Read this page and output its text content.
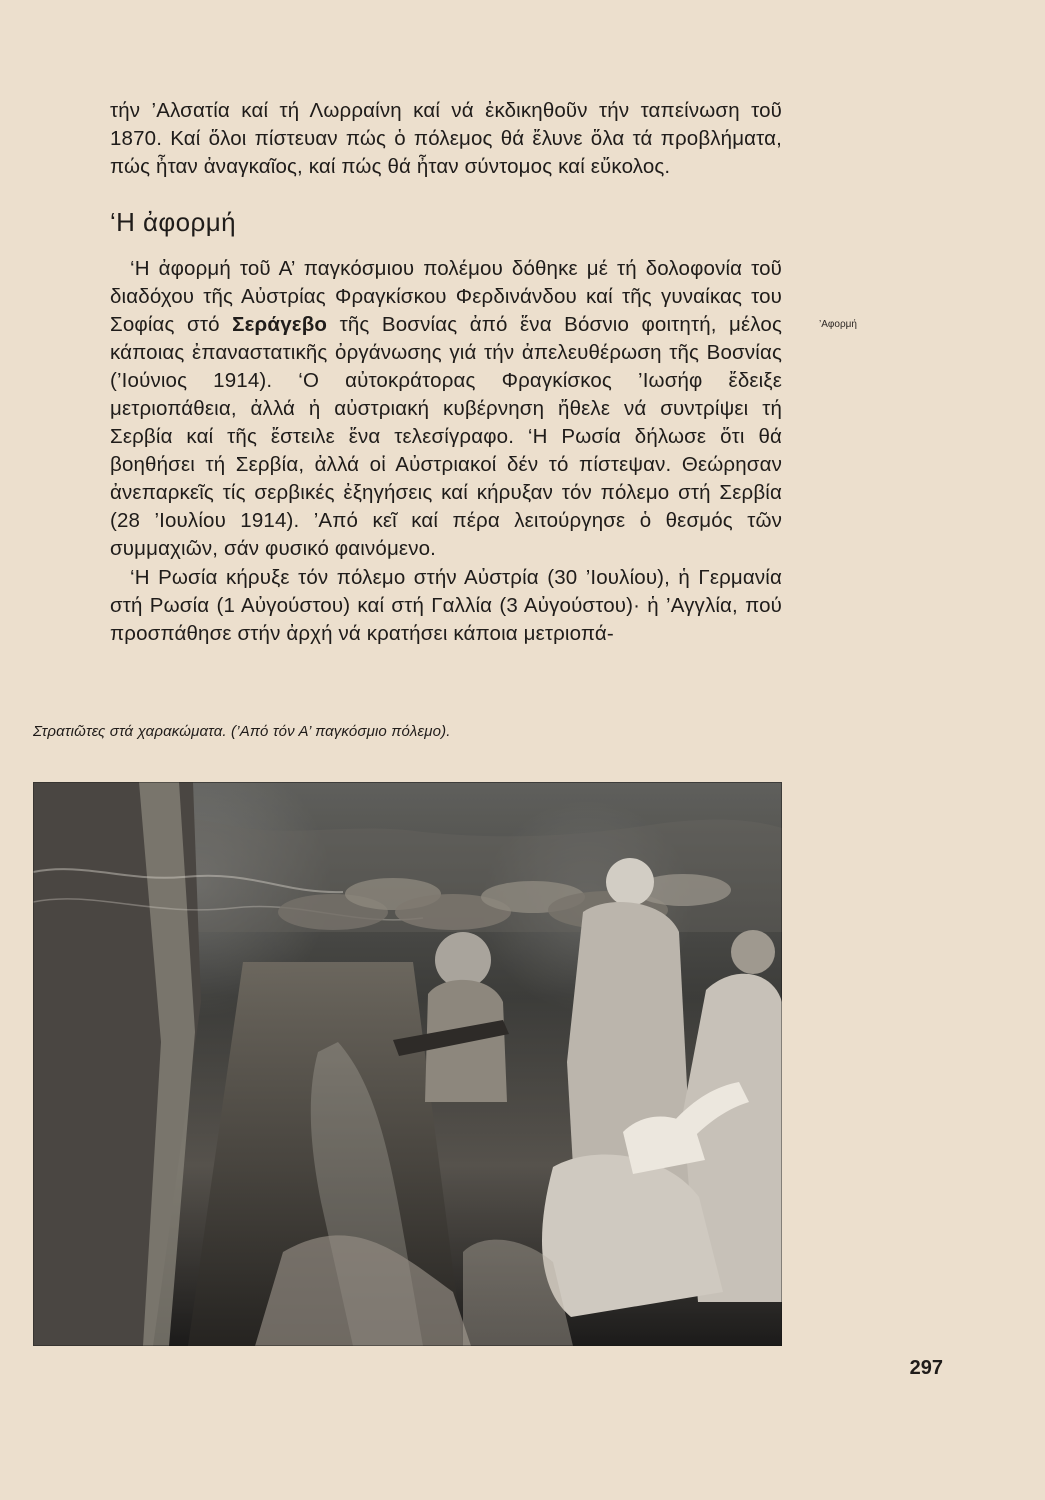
τήν ’Αλσατία καί τή Λωρραίνη καί νά ἐκδικηθοῦν τήν ταπείνωση τοῦ 1870. Καί ὅλοι πίστευαν πώς ὁ πόλεμος θά ἔλυνε ὅλα τά προβλήματα, πώς ἦταν ἀναγκαῖος, καί πώς θά ἦταν σύντομος καί εὔκολος.

‘Η ἀφορμή

‘Η ἀφορμή τοῦ Α’ παγκόσμιου πολέμου δόθηκε μέ τή δολοφονία τοῦ διαδόχου τῆς Αὐστρίας Φραγκίσκου Φερδινάνδου καί τῆς γυναίκας του Σοφίας στό Σεράγεβο τῆς Βοσνίας ἀπό ἕνα Βόσνιο φοιτητή, μέλος κάποιας ἐπαναστατικῆς ὀργάνωσης γιά τήν ἀπελευθέρωση τῆς Βοσνίας (’Ιούνιος 1914). ‘Ο αὐτοκράτορας Φραγκίσκος ’Ιωσήφ ἔδειξε μετριοπάθεια, ἀλλά ἡ αὐστριακή κυβέρνηση ἤθελε νά συντρίψει τή Σερβία καί τῆς ἔστειλε ἕνα τελεσίγραφο. ‘Η Ρωσία δήλωσε ὅτι θά βοηθήσει τή Σερβία, ἀλλά οἱ Αὐστριακοί δέν τό πίστεψαν. Θεώρησαν ἀνεπαρκεῖς τίς σερβικές ἐξηγήσεις καί κήρυξαν τόν πόλεμο στή Σερβία (28 ’Ιουλίου 1914). ’Από κεῖ καί πέρα λειτούργησε ὁ θεσμός τῶν συμμαχιῶν, σάν φυσικό φαινόμενο.

’Αφορμή

‘Η Ρωσία κήρυξε τόν πόλεμο στήν Αὐστρία (30 ’Ιουλίου), ἡ Γερμανία στή Ρωσία (1 Αὐγούστου) καί στή Γαλλία (3 Αὐγούστου)· ἡ ’Αγγλία, πού προσπάθησε στήν ἀρχή νά κρατήσει κάποια μετριοπά-

Στρατιῶτες στά χαρακώματα. (’Από τόν Α’ παγκόσμιο πόλεμο).
297
